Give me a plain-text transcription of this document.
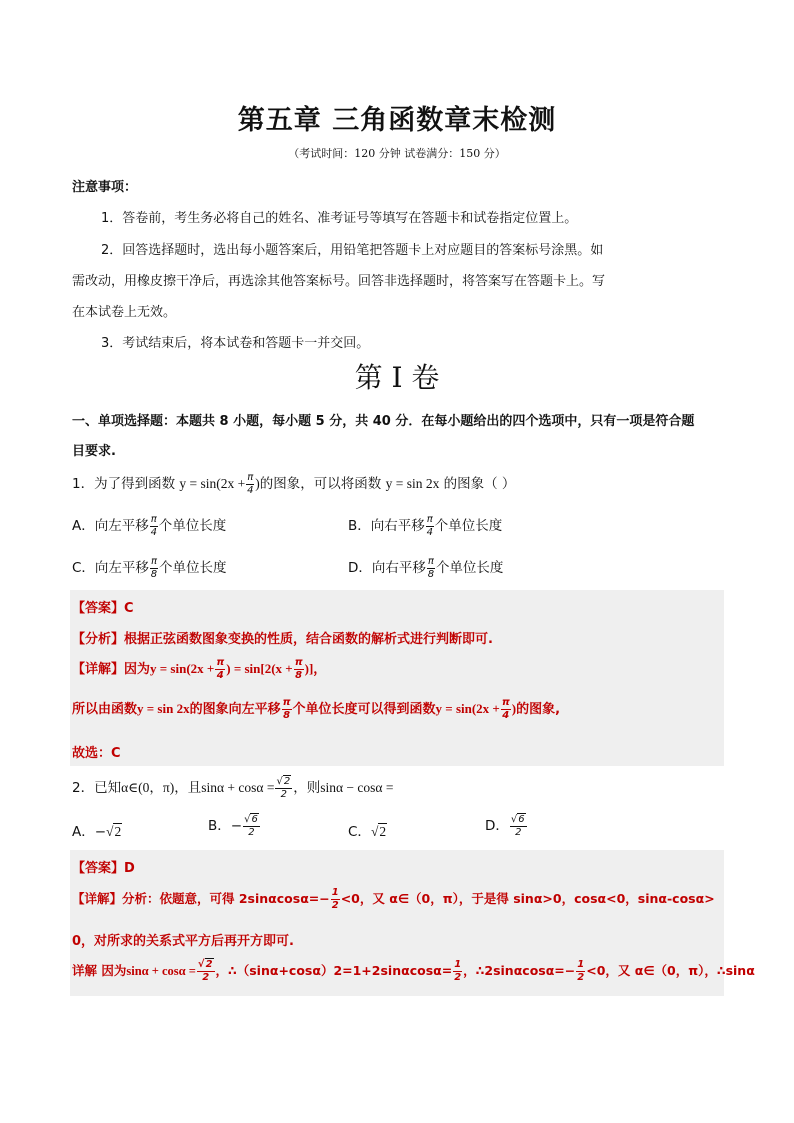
第五章 三角函数章末检测
（考试时间：120 分钟 试卷满分：150 分）
注意事项：
1．答卷前，考生务必将自己的姓名、准考证号等填写在答题卡和试卷指定位置上。
2．回答选择题时，选出每小题答案后，用铅笔把答题卡上对应题目的答案标号涂黑。如
需改动，用橡皮擦干净后，再选涂其他答案标号。回答非选择题时，将答案写在答题卡上。写
在本试卷上无效。
3．考试结束后，将本试卷和答题卡一并交回。
第 I 卷
一、单项选择题：本题共 8 小题，每小题 5 分，共 40 分．在每小题给出的四个选项中，只有一项是符合题
目要求.
1．为了得到函数 $y = \sin(2x + \frac{\pi}{4}$ )的图象，可以将函数 y = sin 2x 的图象（ ）
A．向左平移 $\frac{\pi}{4}$ 个单位长度	B．向右平移 $\frac{\pi}{4}$ 个单位长度
C．向左平移 $\frac{\pi}{8}$ 个单位长度	D．向右平移 $\frac{\pi}{8}$ 个单位长度
【答案】C
【分析】根据正弦函数图象变换的性质，结合函数的解析式进行判断即可.
【详解】因为$y = \sin(2x + \frac{\pi}{4}$ ) = $\sin[2(x + \frac{\pi}{8}$ )]，
所以由函数y = sin 2x的图象向左平移 $\frac{\pi}{8}$ 个单位长度可以得到函数$y = \sin(2x + \frac{\pi}{4}$ )的图象,
故选：C
2．已知α∈(0，π)，且$\sin\alpha + \cos\alpha = \frac{√2}{2}$ ，则sinα − cosα =
A．−√2	B．− $\frac{√6}{2}$	C．√2	D． $\frac{√6}{2}$
【答案】D
【详解】分析：依题意，可得 $2\sin\alpha\cos\alpha=- \frac{1}{2} <0$，又 α∈（0，π），于是得 sinα>0，cosα<0，sinα-cosα>
0，对所求的关系式平方后再开方即可.
详解 因为$\sin\alpha + \cos\alpha = \frac{√2}{2}$ ，∴（sinα+cosα）2=1+2sinαcosα= $\frac{1}{2}$ ，∴2sinαcosα=− $\frac{1}{2} <0$，又 α∈（0，π），∴sinα
